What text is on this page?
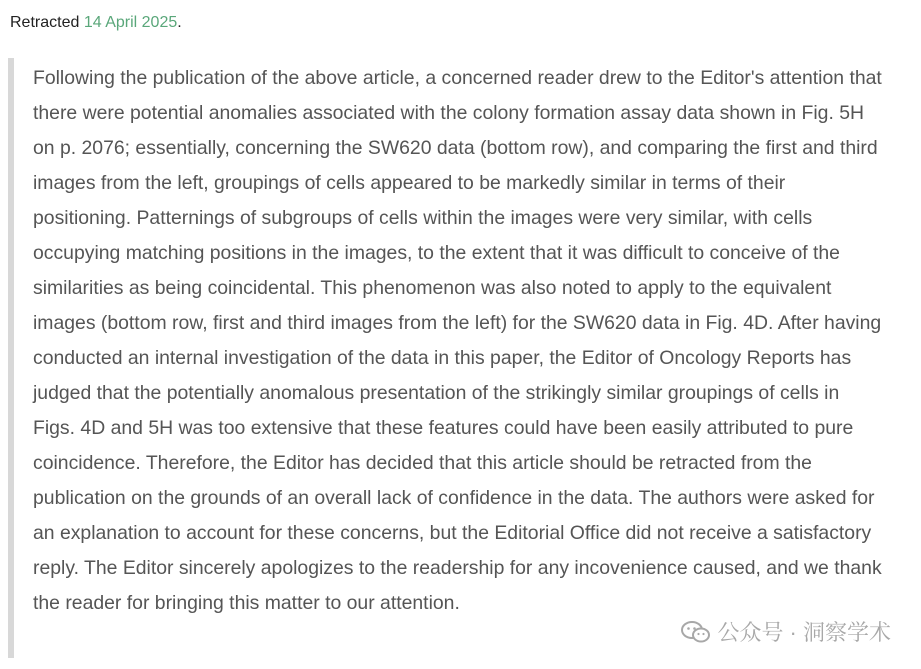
Retracted 14 April 2025.

Following the publication of the above article, a concerned reader drew to the Editor's attention that there were potential anomalies associated with the colony formation assay data shown in Fig. 5H on p. 2076; essentially, concerning the SW620 data (bottom row), and comparing the first and third images from the left, groupings of cells appeared to be markedly similar in terms of their positioning. Patternings of subgroups of cells within the images were very similar, with cells occupying matching positions in the images, to the extent that it was difficult to conceive of the similarities as being coincidental. This phenomenon was also noted to apply to the equivalent images (bottom row, first and third images from the left) for the SW620 data in Fig. 4D. After having conducted an internal investigation of the data in this paper, the Editor of Oncology Reports has judged that the potentially anomalous presentation of the strikingly similar groupings of cells in Figs. 4D and 5H was too extensive that these features could have been easily attributed to pure coincidence. Therefore, the Editor has decided that this article should be retracted from the publication on the grounds of an overall lack of confidence in the data. The authors were asked for an explanation to account for these concerns, but the Editorial Office did not receive a satisfactory reply. The Editor sincerely apologizes to the readership for any incovenience caused, and we thank the reader for bringing this matter to our attention.

公众号 · 洞察学术
